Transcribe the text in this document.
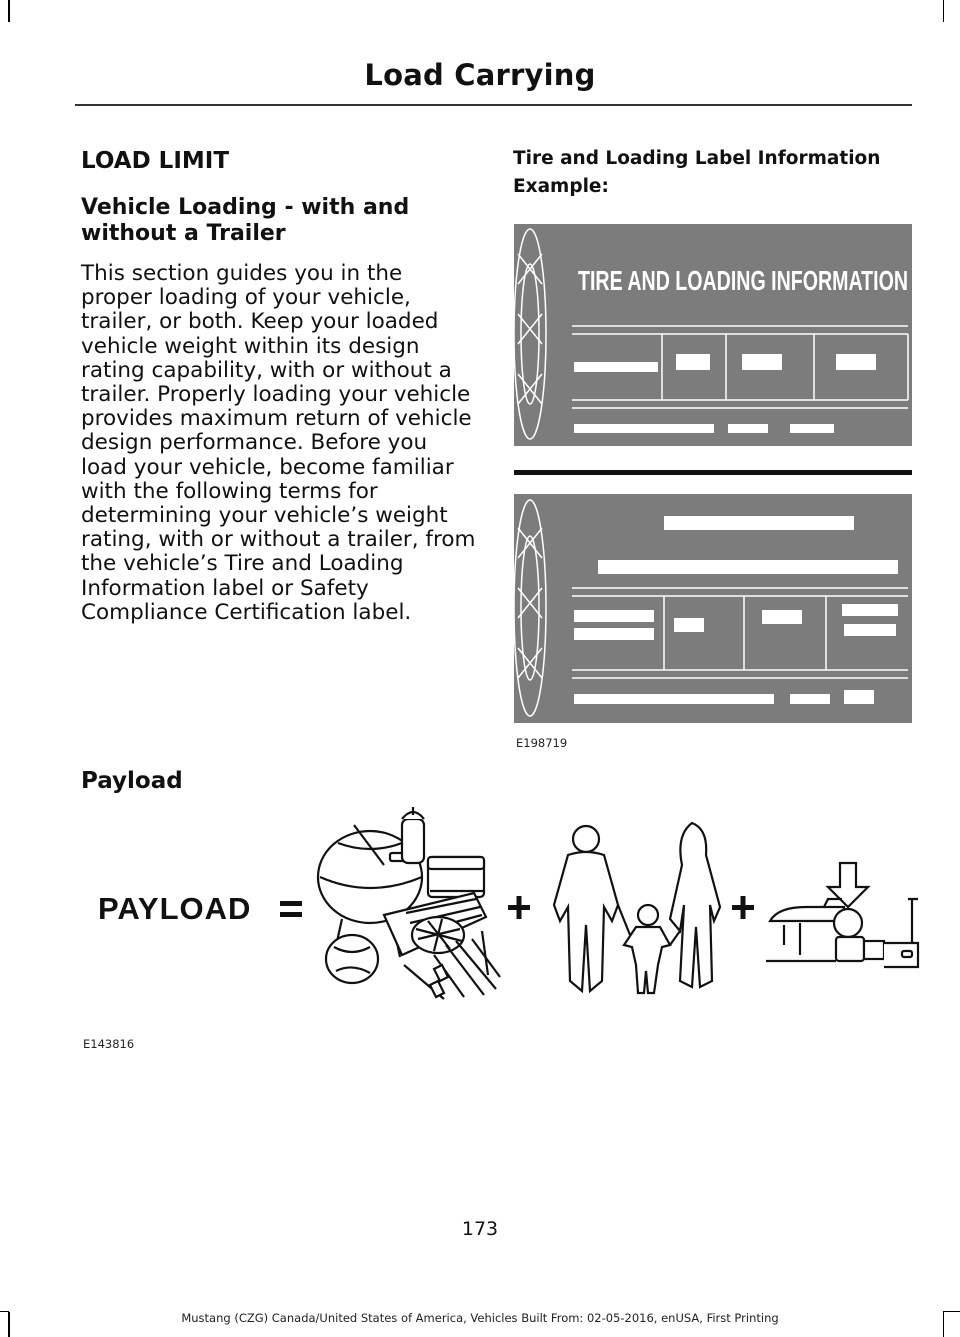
Load Carrying
LOAD LIMIT
Vehicle Loading - with and without a Trailer

This section guides you in the proper loading of your vehicle, trailer, or both. Keep your loaded vehicle weight within its design rating capability, with or without a trailer. Properly loading your vehicle provides maximum return of vehicle design performance. Before you load your vehicle, become familiar with the following terms for determining your vehicle’s weight rating, with or without a trailer, from the vehicle’s Tire and Loading Information label or Safety Compliance Certification label.

Tire and Loading Label Information
Example:
TIRE AND LOADING INFORMATION

E198719

Payload
PAYLOAD

E143816

173

Mustang (CZG) Canada/United States of America, Vehicles Built From: 02-05-2016, enUSA, First Printing
